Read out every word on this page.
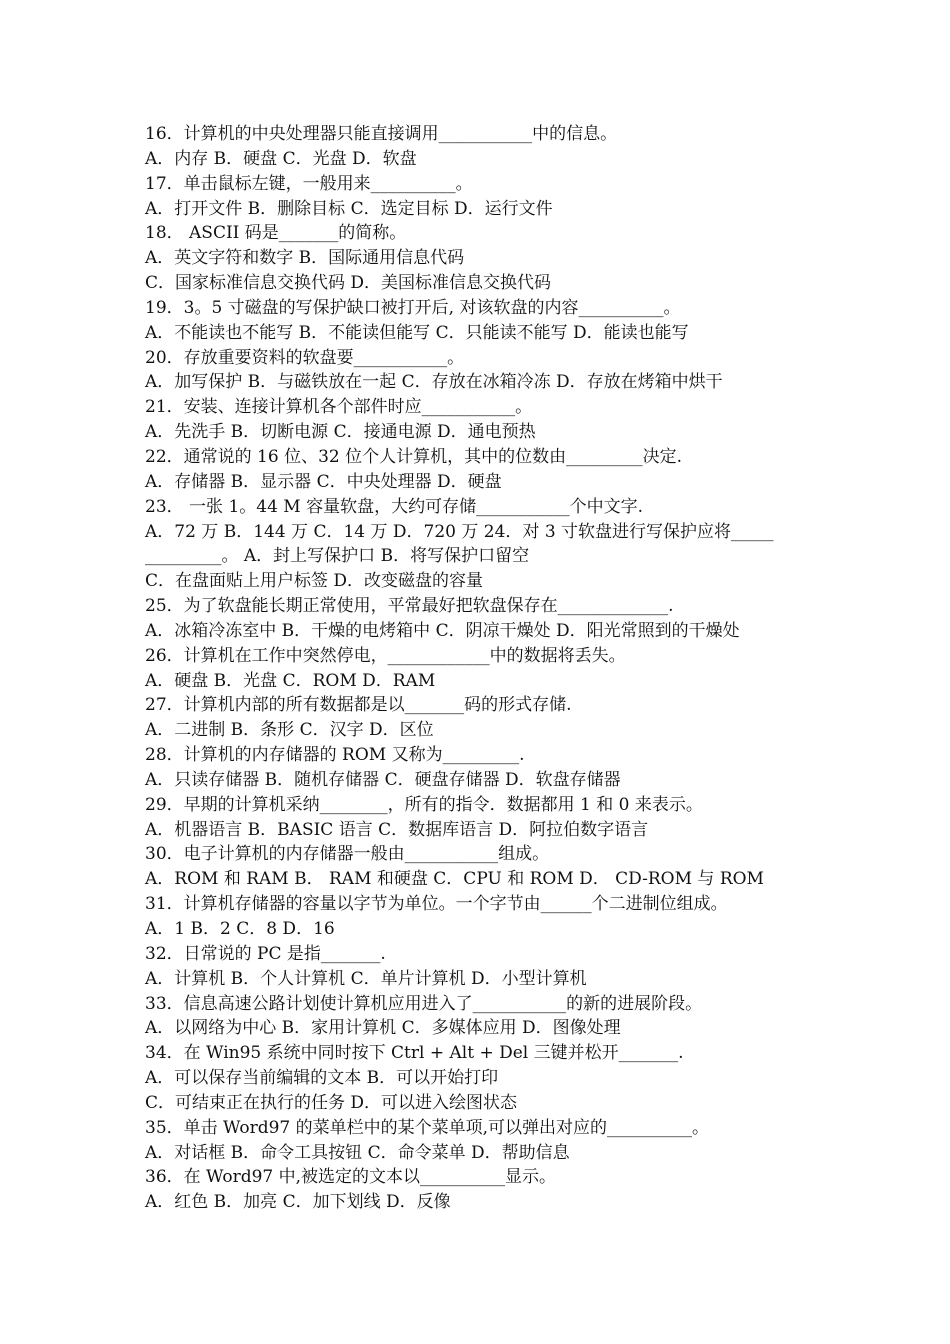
16．计算机的中央处理器只能直接调用___________中的信息。
A．内存 B．硬盘 C．光盘 D．软盘
17．单击鼠标左键，一般用来__________。
A．打开文件 B．删除目标 C．选定目标 D．运行文件
18． ASCII 码是_______的简称。
A．英文字符和数字 B．国际通用信息代码
C．国家标准信息交换代码 D．美国标准信息交换代码
19．3。5 寸磁盘的写保护缺口被打开后, 对该软盘的内容__________。
A．不能读也不能写 B．不能读但能写 C．只能读不能写 D．能读也能写
20．存放重要资料的软盘要___________。
A．加写保护 B．与磁铁放在一起 C．存放在冰箱冷冻 D．存放在烤箱中烘干
21．安装、连接计算机各个部件时应___________。
A．先洗手 B．切断电源 C．接通电源 D．通电预热
22．通常说的 16 位、32 位个人计算机，其中的位数由_________决定.
A．存储器 B．显示器 C．中央处理器 D．硬盘
23． 一张 1。44 M 容量软盘，大约可存储___________个中文字.
A．72 万 B．144 万 C．14 万 D．720 万 24．对 3 寸软盘进行写保护应将_____
_________。 A．封上写保护口 B．将写保护口留空
C．在盘面贴上用户标签 D．改变磁盘的容量
25．为了软盘能长期正常使用，平常最好把软盘保存在_____________.
A．冰箱冷冻室中 B．干燥的电烤箱中 C．阴凉干燥处 D．阳光常照到的干燥处
26．计算机在工作中突然停电，____________中的数据将丢失。
A．硬盘 B．光盘 C．ROM D．RAM
27．计算机内部的所有数据都是以_______码的形式存储.
A．二进制 B．条形 C．汉字 D．区位
28．计算机的内存储器的 ROM 又称为_________.
A．只读存储器 B．随机存储器 C．硬盘存储器 D．软盘存储器
29．早期的计算机采纳________，所有的指令．数据都用 1 和 0 来表示。
A．机器语言 B．BASIC 语言 C．数据库语言 D．阿拉伯数字语言
30．电子计算机的内存储器一般由___________组成。
A．ROM 和 RAM B． RAM 和硬盘 C．CPU 和 ROM D． CD-ROM 与 ROM
31．计算机存储器的容量以字节为单位。一个字节由______个二进制位组成。
A．1 B．2 C．8 D．16
32．日常说的 PC 是指_______.
A．计算机 B．个人计算机 C．单片计算机 D．小型计算机
33．信息高速公路计划使计算机应用进入了___________的新的进展阶段。
A．以网络为中心 B．家用计算机 C．多媒体应用 D．图像处理
34．在 Win95 系统中同时按下 Ctrl + Alt + Del 三键并松开_______.
A．可以保存当前编辑的文本 B．可以开始打印
C．可结束正在执行的任务 D．可以进入绘图状态
35．单击 Word97 的菜单栏中的某个菜单项,可以弹出对应的__________。
A．对话框 B．命令工具按钮 C．命令菜单 D．帮助信息
36．在 Word97 中,被选定的文本以__________显示。
A．红色 B．加亮 C．加下划线 D．反像
